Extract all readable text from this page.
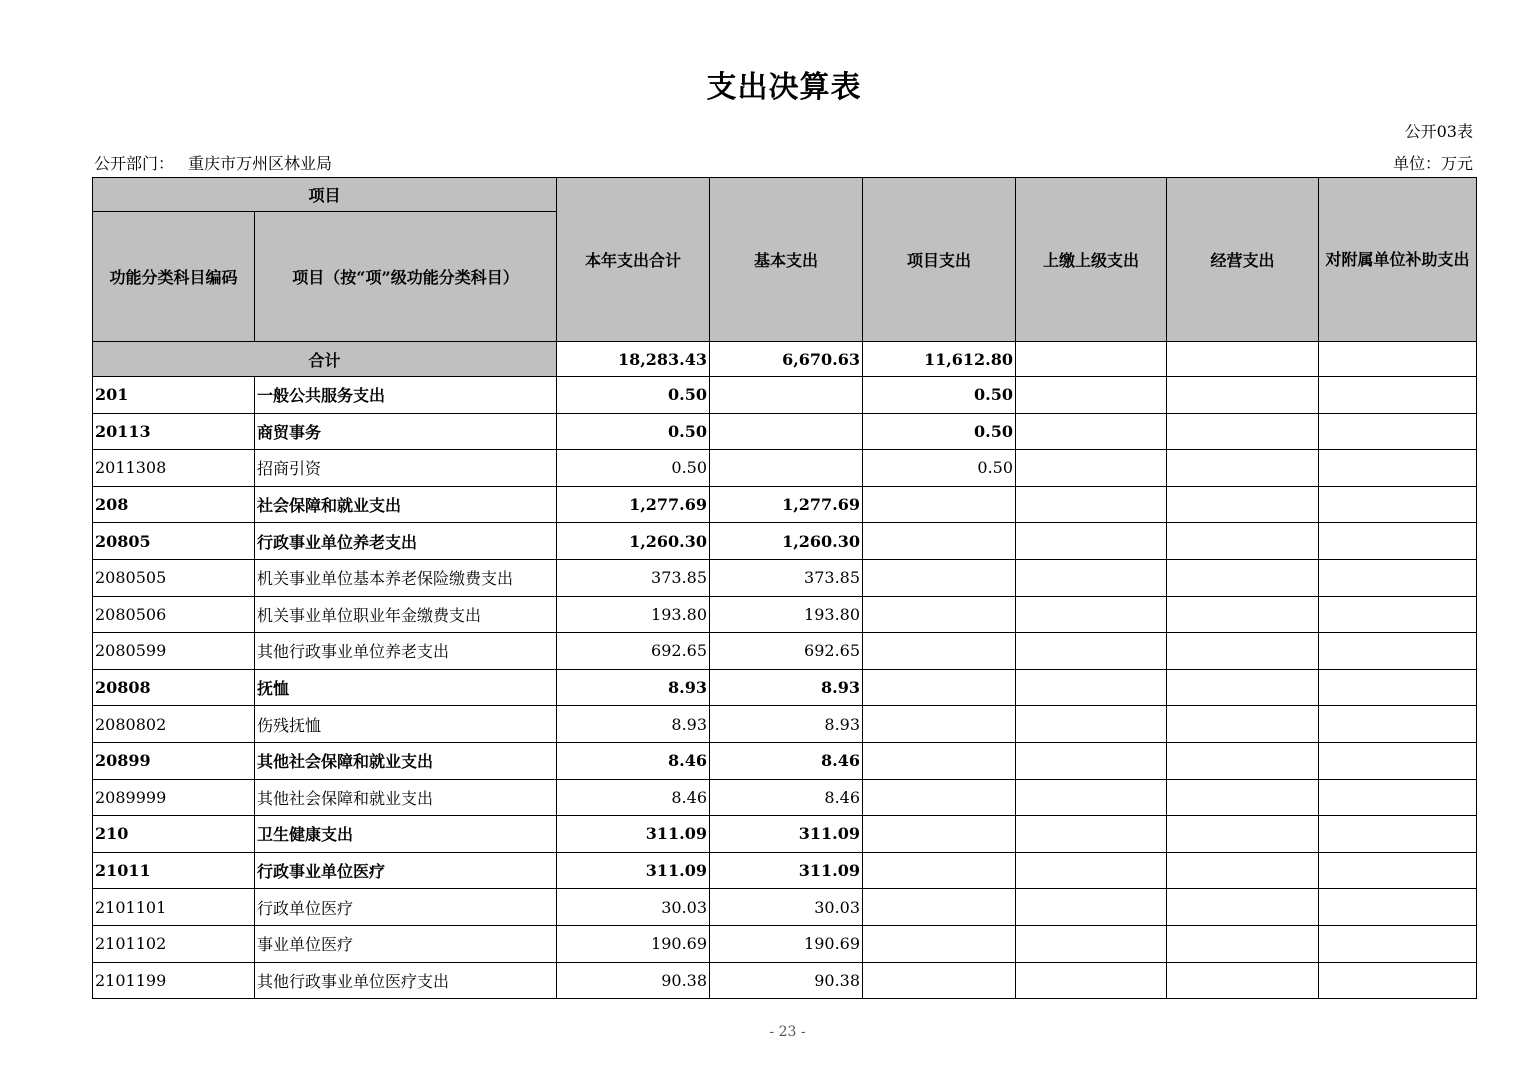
支出决算表
公开03表
公开部门： 重庆市万州区林业局	单位：万元
项目		本年支出合计	基本支出	项目支出	上缴上级支出	经营支出	对附属单位补助支出
功能分类科目编码	项目（按“项”级功能分类科目）						
合计		18,283.43	6,670.63	11,612.80			
201	一般公共服务支出	0.50		0.50			
20113	商贸事务	0.50		0.50			
2011308	招商引资	0.50		0.50			
208	社会保障和就业支出	1,277.69	1,277.69				
20805	行政事业单位养老支出	1,260.30	1,260.30				
2080505	机关事业单位基本养老保险缴费支出	373.85	373.85				
2080506	机关事业单位职业年金缴费支出	193.80	193.80				
2080599	其他行政事业单位养老支出	692.65	692.65				
20808	抚恤	8.93	8.93				
2080802	伤残抚恤	8.93	8.93				
20899	其他社会保障和就业支出	8.46	8.46				
2089999	其他社会保障和就业支出	8.46	8.46				
210	卫生健康支出	311.09	311.09				
21011	行政事业单位医疗	311.09	311.09				
2101101	行政单位医疗	30.03	30.03				
2101102	事业单位医疗	190.69	190.69				
2101199	其他行政事业单位医疗支出	90.38	90.38				
- 23 -
